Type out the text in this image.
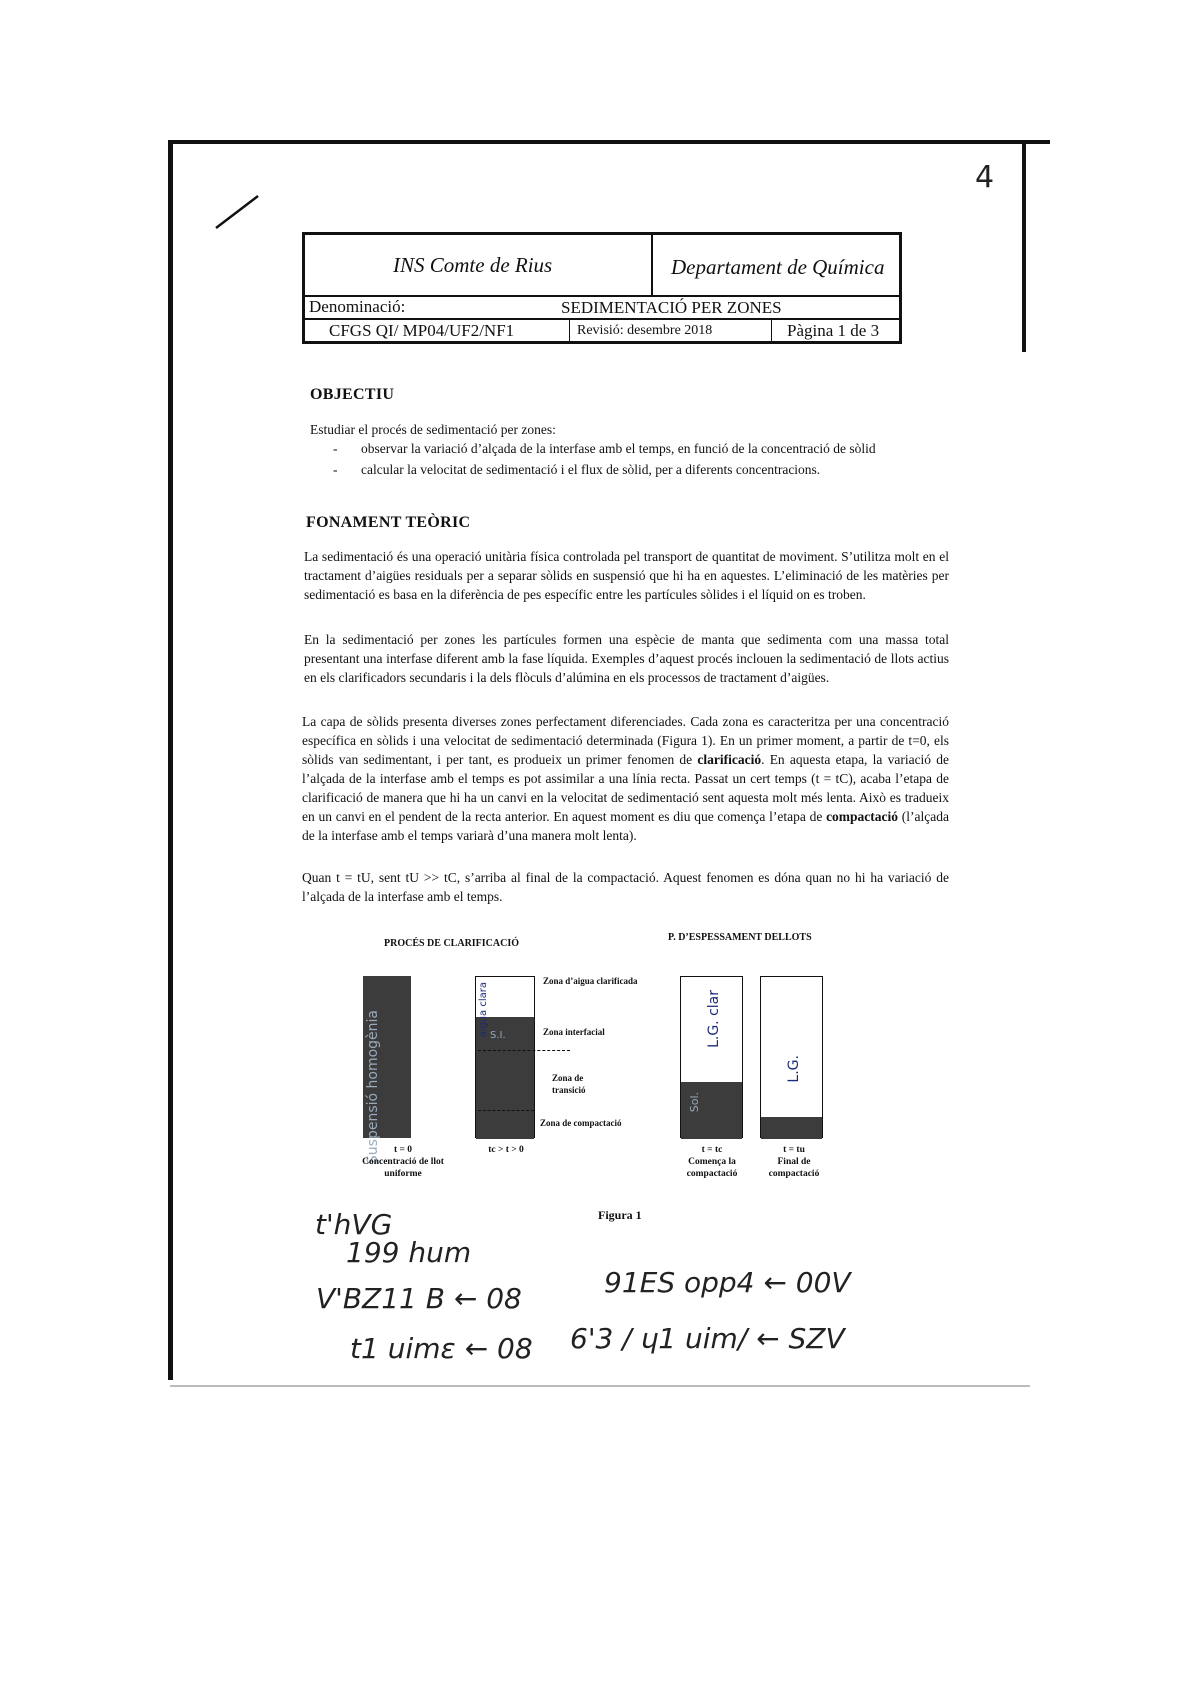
4
INS Comte de Rius	Departament de Química
Denominació:	SEDIMENTACIÓ PER ZONES
CFGS QI/ MP04/UF2/NF1	Revisió: desembre 2018	Pàgina 1 de 3
OBJECTIU
Estudiar el procés de sedimentació per zones:
- observar la variació d’alçada de la interfase amb el temps, en funció de la concentració de sòlid
- calcular la velocitat de sedimentació i el flux de sòlid, per a diferents concentracions.
FONAMENT TEÒRIC
La sedimentació és una operació unitària física controlada pel transport de quantitat de moviment. S’utilitza molt en el tractament d’aigües residuals per a separar sòlids en suspensió que hi ha en aquestes. L’eliminació de les matèries per sedimentació es basa en la diferència de pes específic entre les partícules sòlides i el líquid on es troben.
En la sedimentació per zones les partícules formen una espècie de manta que sedimenta com una massa total presentant una interfase diferent amb la fase líquida. Exemples d’aquest procés inclouen la sedimentació de llots actius en els clarificadors secundaris i la dels flòculs d’alúmina en els processos de tractament d’aigües.
La capa de sòlids presenta diverses zones perfectament diferenciades. Cada zona es caracteritza per una concentració específica en sòlids i una velocitat de sedimentació determinada (Figura 1). En un primer moment, a partir de t=0, els sòlids van sedimentant, i per tant, es produeix un primer fenomen de clarificació. En aquesta etapa, la variació de l’alçada de la interfase amb el temps es pot assimilar a una línia recta. Passat un cert temps (t = tC), acaba l’etapa de clarificació de manera que hi ha un canvi en la velocitat de sedimentació sent aquesta molt més lenta. Això es tradueix en un canvi en el pendent de la recta anterior. En aquest moment es diu que comença l’etapa de compactació (l’alçada de la interfase amb el temps variarà d’una manera molt lenta).
Quan t = tU, sent tU >> tC, s’arriba al final de la compactació. Aquest fenomen es dóna quan no hi ha variació de l’alçada de la interfase amb el temps.
PROCÉS DE CLARIFICACIÓ
P. D’ESPESSAMENT DELLOTS
Suspensió homogènia
aigua clara S.I.
Zona d’aigua clarificada
Zona interfacial
Zona de transició
Zona de compactació
L.G. clar
Sol.
L.G.
t = 0
Concentració de llot uniforme
tc > t > 0	t = tc
Comença la compactació
t = tu
Final de compactació
Figura 1
t'hVG
199 hum
V'BZ11 B ← 08	91ES opp4 ← 00V
t1 uimɛ ← 08 6'3 / ɥ1 uim/ ← SZV
